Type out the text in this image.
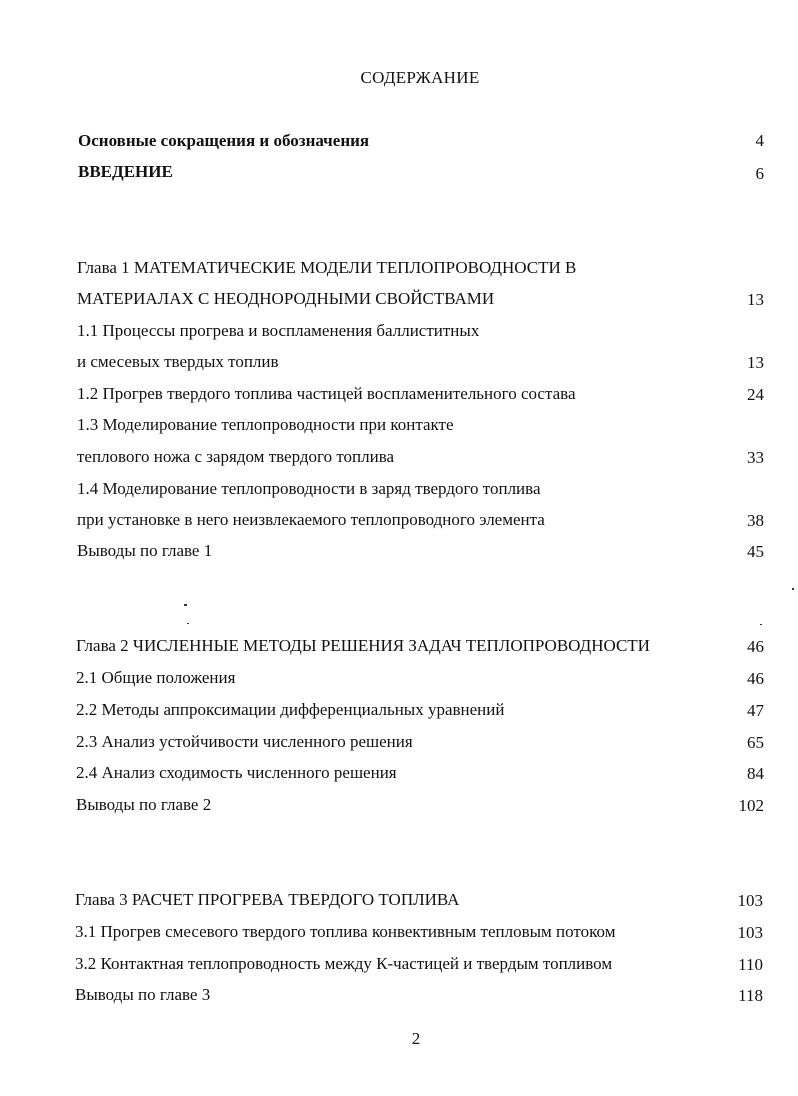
СОДЕРЖАНИЕ
Основные сокращения и обозначения	4
ВВЕДЕНИЕ	6
Глава 1 МАТЕМАТИЧЕСКИЕ МОДЕЛИ ТЕПЛОПРОВОДНОСТИ В
МАТЕРИАЛАХ С НЕОДНОРОДНЫМИ СВОЙСТВАМИ	13
1.1 Процессы прогрева и воспламенения баллиститных
и смесевых твердых топлив	13
1.2 Прогрев твердого топлива частицей воспламенительного состава	24
1.3 Моделирование теплопроводности при контакте
теплового ножа с зарядом твердого топлива	33
1.4 Моделирование теплопроводности в заряд твердого топлива
при установке в него неизвлекаемого теплопроводного элемента	38
Выводы по главе 1	45
Глава 2 ЧИСЛЕННЫЕ МЕТОДЫ РЕШЕНИЯ ЗАДАЧ ТЕПЛОПРОВОДНОСТИ	46
2.1 Общие положения	46
2.2 Методы аппроксимации дифференциальных уравнений	47
2.3 Анализ устойчивости численного решения	65
2.4 Анализ сходимость численного решения	84
Выводы по главе 2	102
Глава 3 РАСЧЕТ ПРОГРЕВА ТВЕРДОГО ТОПЛИВА	103
3.1 Прогрев смесевого твердого топлива конвективным тепловым потоком	103
3.2 Контактная теплопроводность между К-частицей и твердым топливом	110
Выводы по главе 3	118
2
